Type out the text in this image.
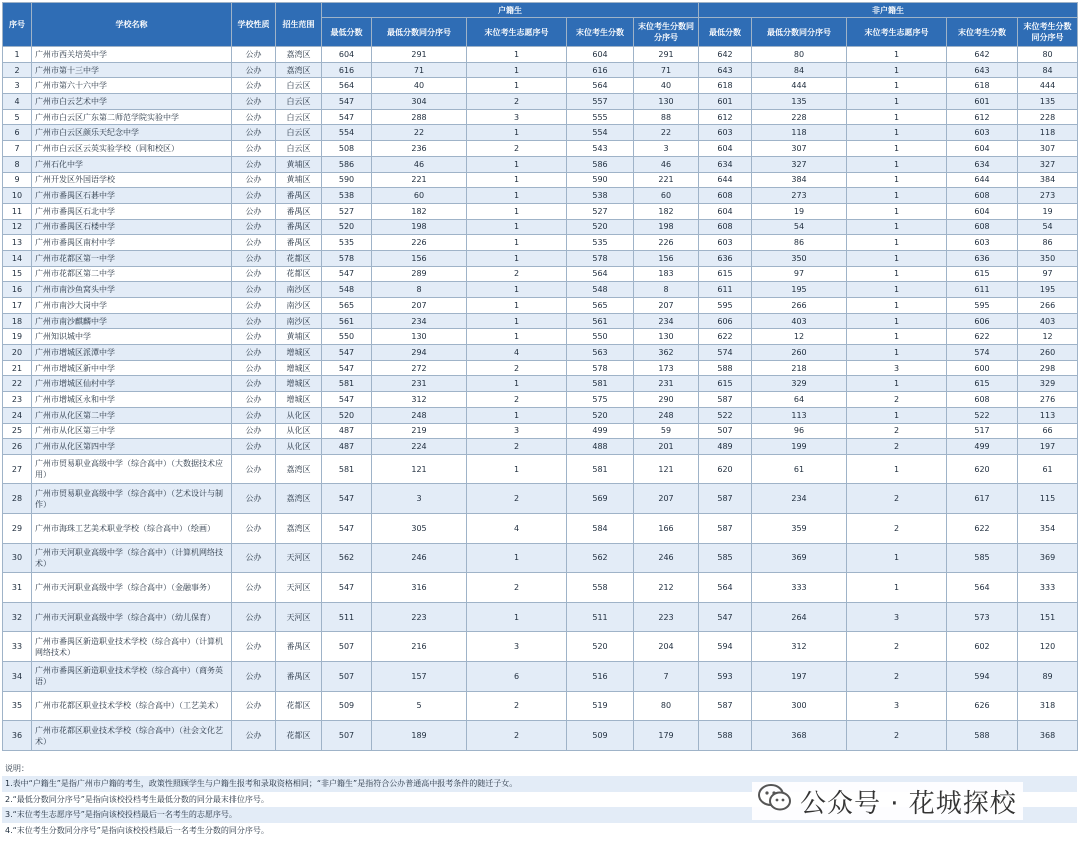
序号	学校名称	学校性质	招生范围	户籍生					非户籍生				
				最低分数	最低分数同分序号	末位考生志愿序号	末位考生分数	末位考生分数同分序号	最低分数	最低分数同分序号	末位考生志愿序号	末位考生分数	末位考生分数同分序号
1	广州市西关培英中学	公办	荔湾区	604	291	1	604	291	642	80	1	642	80
2	广州市第十三中学	公办	荔湾区	616	71	1	616	71	643	84	1	643	84
3	广州市第六十六中学	公办	白云区	564	40	1	564	40	618	444	1	618	444
4	广州市白云艺术中学	公办	白云区	547	304	2	557	130	601	135	1	601	135
5	广州市白云区广东第二师范学院实验中学	公办	白云区	547	288	3	555	88	612	228	1	612	228
6	广州市白云区颜乐天纪念中学	公办	白云区	554	22	1	554	22	603	118	1	603	118
7	广州市白云区云英实验学校（同和校区）	公办	白云区	508	236	2	543	3	604	307	1	604	307
8	广州石化中学	公办	黄埔区	586	46	1	586	46	634	327	1	634	327
9	广州开发区外国语学校	公办	黄埔区	590	221	1	590	221	644	384	1	644	384
10	广州市番禺区石碁中学	公办	番禺区	538	60	1	538	60	608	273	1	608	273
11	广州市番禺区石北中学	公办	番禺区	527	182	1	527	182	604	19	1	604	19
12	广州市番禺区石楼中学	公办	番禺区	520	198	1	520	198	608	54	1	608	54
13	广州市番禺区南村中学	公办	番禺区	535	226	1	535	226	603	86	1	603	86
14	广州市花都区第一中学	公办	花都区	578	156	1	578	156	636	350	1	636	350
15	广州市花都区第二中学	公办	花都区	547	289	2	564	183	615	97	1	615	97
16	广州市南沙鱼窝头中学	公办	南沙区	548	8	1	548	8	611	195	1	611	195
17	广州市南沙大岗中学	公办	南沙区	565	207	1	565	207	595	266	1	595	266
18	广州市南沙麒麟中学	公办	南沙区	561	234	1	561	234	606	403	1	606	403
19	广州知识城中学	公办	黄埔区	550	130	1	550	130	622	12	1	622	12
20	广州市增城区派潭中学	公办	增城区	547	294	4	563	362	574	260	1	574	260
21	广州市增城区新中中学	公办	增城区	547	272	2	578	173	588	218	3	600	298
22	广州市增城区仙村中学	公办	增城区	581	231	1	581	231	615	329	1	615	329
23	广州市增城区永和中学	公办	增城区	547	312	2	575	290	587	64	2	608	276
24	广州市从化区第二中学	公办	从化区	520	248	1	520	248	522	113	1	522	113
25	广州市从化区第三中学	公办	从化区	487	219	3	499	59	507	96	2	517	66
26	广州市从化区第四中学	公办	从化区	487	224	2	488	201	489	199	2	499	197
27	广州市贸易职业高级中学（综合高中）（大数据技术应用）	公办	荔湾区	581	121	1	581	121	620	61	1	620	61
28	广州市贸易职业高级中学（综合高中）（艺术设计与制作）	公办	荔湾区	547	3	2	569	207	587	234	2	617	115
29	广州市海珠工艺美术职业学校（综合高中）（绘画）	公办	荔湾区	547	305	4	584	166	587	359	2	622	354
30	广州市天河职业高级中学（综合高中）（计算机网络技术）	公办	天河区	562	246	1	562	246	585	369	1	585	369
31	广州市天河职业高级中学（综合高中）（金融事务）	公办	天河区	547	316	2	558	212	564	333	1	564	333
32	广州市天河职业高级中学（综合高中）（幼儿保育）	公办	天河区	511	223	1	511	223	547	264	3	573	151
33	广州市番禺区新造职业技术学校（综合高中）（计算机网络技术）	公办	番禺区	507	216	3	520	204	594	312	2	602	120
34	广州市番禺区新造职业技术学校（综合高中）（商务英语）	公办	番禺区	507	157	6	516	7	593	197	2	594	89
35	广州市花都区职业技术学校（综合高中）（工艺美术）	公办	花都区	509	5	2	519	80	587	300	3	626	318
36	广州市花都区职业技术学校（综合高中）（社会文化艺术）	公办	花都区	507	189	2	509	179	588	368	2	588	368
说明：
1.表中“户籍生”是指广州市户籍的考生，政策性照顾学生与户籍生报考和录取资格相同；“非户籍生”是指符合公办普通高中报考条件的随迁子女。
2.“最低分数同分序号”是指向该校投档考生最低分数的同分最末排位序号。
3.“末位考生志愿序号”是指向该校投档最后一名考生的志愿序号。
4.“末位考生分数同分序号”是指向该校投档最后一名考生分数的同分序号。
公众号 · 花城探校
